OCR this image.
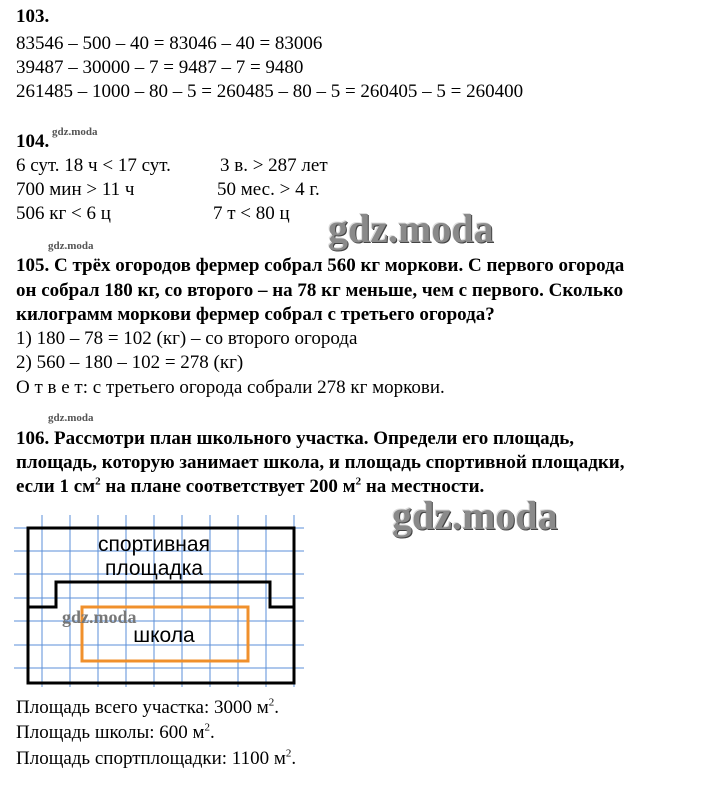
103.
83546 – 500 – 40 = 83046 – 40 = 83006
39487 – 30000 – 7 = 9487 – 7 = 9480
261485 – 1000 – 80 – 5 = 260485 – 80 – 5 = 260405 – 5 = 260400
104. gdz.moda
6 сут. 18 ч < 17 сут.	3 в. > 287 лет
700 мин > 11 ч	50 мес. > 4 г.
506 кг < 6 ц	7 т < 80 ц gdz.moda
gdz.moda
105. С трёх огородов фермер собрал 560 кг моркови. С первого огорода
он собрал 180 кг, со второго – на 78 кг меньше, чем с первого. Сколько
килограмм моркови фермер собрал с третьего огорода?
1) 180 – 78 = 102 (кг) – со второго огорода
2) 560 – 180 – 102 = 278 (кг)
О т в е т: с третьего огорода собрали 278 кг моркови.
gdz.moda
106. Рассмотри план школьного участка. Определи его площадь,
площадь, которую занимает школа, и площадь спортивной площадки,
если 1 $см^2$ на плане соответствует 200 $м^2$ на местности.
gdz.moda
спортивная
площадка
школа
gdz.moda
Площадь всего участка: 3000 $м^2$.
Площадь школы: 600 $м^2$.
Площадь спортплощадки: 1100 $м^2$.
